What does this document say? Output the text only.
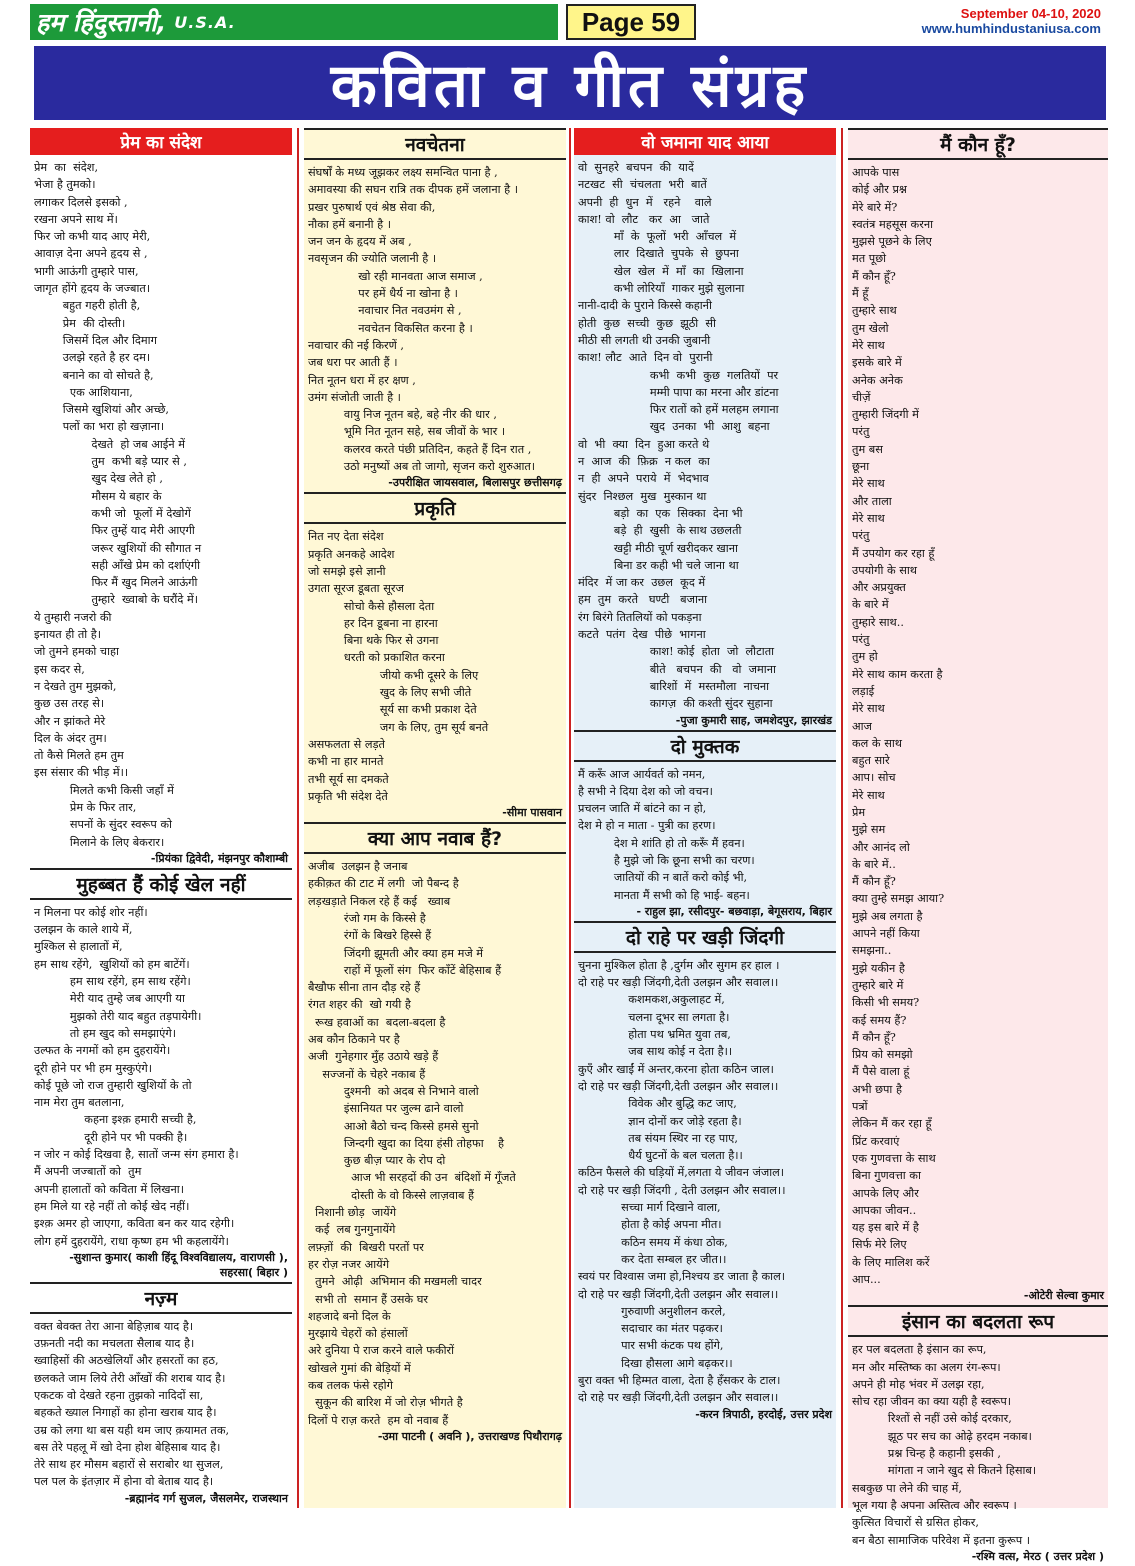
हम हिंदुस्तानी, U.S.A.	Page 59	September 04-10, 2020
www.humhindustaniusa.com
कविता व गीत संग्रह
प्रेम का संदेश
प्रेम  का  संदेश,
भेजा है तुमको।
लगाकर दिलसे इसको ,
रखना अपने साथ में।
फिर जो कभी याद आए मेरी,
आवाज़ देना अपने हृदय से ,
भागी आऊंगी तुम्हारे पास,
जागृत होंगे हृदय के जज्बात।
बहुत गहरी होती है,
प्रेम  की दोस्ती।
जिसमें दिल और दिमाग
उलझे रहते है हर दम।
बनाने का वो सोचते है,
एक आशियाना,
जिसमे खुशियां और अच्छे,
पलों का भरा हो खज़ाना।
देखते  हो जब आईने में
तुम  कभी बड़े प्यार से ,
खुद देख लेते हो ,
मौसम ये बहार के
कभी जो  फूलों में देखोगें
फिर तुम्हें याद मेरी आएगी
जरूर खुशियों की सौगात न
सही आँखे प्रेम को दर्शाएंगी
फिर मैं खुद मिलने आऊंगी
तुम्हारे  ख्वाबो के घरौंदे में।
ये तुम्हारी नजरो की
इनायत ही तो है।
जो तुमने हमको चाहा
इस कदर से,
न देखते तुम मुझको,
कुछ उस तरह से।
और न झांकते मेरे
दिल के अंदर तुम।
तो कैसे मिलते हम तुम
इस संसार की भीड़ में।।
मिलते कभी किसी जहाँ में
प्रेम के फिर तार,
सपनों के सुंदर स्वरूप को
मिलाने के लिए बेकरार।
-प्रियंका द्विवेदी, मंझनपुर कौशाम्बी
मुहब्बत हैं कोई खेल नहीं
न मिलना पर कोई शोर नहीं।
उलझन के काले शाये में,
मुश्किल से हालातों में,
हम साथ रहेंगे,  खुशियों को हम बाटेंगें।
हम साथ रहेंगे, हम साथ रहेंगे।
मेरी याद तुम्हे जब आएगी या
मुझको तेरी याद बहुत तड़पायेगी।
तो हम खुद को समझाएंगे।
उल्फत के नगमों को हम दुहरायेंगे।
दूरी होने पर भी हम मुस्कुएंगे।
कोई पूछे जो राज तुम्हारी खुशियों के तो
नाम मेरा तुम बतलाना,
कहना इश्क़ हमारी सच्ची है,
दूरी होने पर भी पक्की है।
न जोर न कोई दिखवा है, सातों जन्म संग हमारा है।
मैं अपनी जज्बातों को  तुम
अपनी हालातों को कविता में लिखना।
हम मिले या रहे नहीं तो कोई खेद नहीं।
इश्क़ अमर हो जाएगा, कविता बन कर याद रहेगी।
लोग हमें दुहरायेंगे, राधा कृष्ण हम भी कहलायेंगे।
-सुशान्त कुमार( काशी हिंदू विश्वविद्यालय, वाराणसी ), सहरसा( बिहार )
नज़्म
वक्त बेवक्त तेरा आना बेहिज़ाब याद है।
उफ़नती नदी का मचलता सैलाब याद है।
ख्वाहिसों की अठखेलियाँ और हसरतों का हठ,
छलकते जाम लिये तेरी आँखों की शराब याद है।
एकटक वो देखते रहना तुझको नादिदों सा,
बहकते ख्याल निगाहों का होना खराब याद है।
उम्र को लगा था बस यही थम जाए क़यामत तक,
बस तेरे पहलू में खो देना होश बेहिसाब याद है।
तेरे साथ हर मौसम बहारों से सराबोर था सुजल,
पल पल के इंतज़ार में होना वो बेताब याद है।
-ब्रह्मानंद गर्ग सुजल, जैसलमेर, राजस्थान
नवचेतना
संघर्षों के मध्य जूझकर लक्ष्य समन्वित पाना है ,
अमावस्या की सघन रात्रि तक दीपक हमें जलाना है ।
प्रखर पुरुषार्थ एवं श्रेष्ठ सेवा की,
नौका हमें बनानी है ।
जन जन के हृदय में अब ,
नवसृजन की ज्योति जलानी है ।
खो रही मानवता आज समाज ,
पर हमें धैर्य ना खोना है ।
नवाचार नित नवउमंग से ,
नवचेतन विकसित करना है ।
नवाचार की नई किरणें ,
जब धरा पर आती हैं ।
नित नूतन धरा में हर क्षण ,
उमंग संजोती जाती है ।
वायु निज नूतन बहे, बहे नीर की धार ,
भूमि नित नूतन सहे, सब जीवों के भार ।
कलरव करते पंछी प्रतिदिन, कहते हैं दिन रात ,
उठो मनुष्यों अब तो जागो, सृजन करो शुरुआत।
-उपरीक्षित जायसवाल, बिलासपुर छत्तीसगढ़
प्रकृति
नित नए देता संदेश
प्रकृति अनकहे आदेश
जो समझे इसे ज्ञानी
उगता सूरज डूबता सूरज
सोचो कैसे हौसला देता
हर दिन डूबना ना हारना
बिना थके फिर से उगना
धरती को प्रकाशित करना
जीयो कभी दूसरे के लिए
खुद के लिए सभी जीते
सूर्य सा कभी प्रकाश देते
जग के लिए, तुम सूर्य बनते
असफलता से लड़ते
कभी ना हार मानते
तभी सूर्य सा दमकते
प्रकृति भी संदेश देते
-सीमा पासवान
क्या आप नवाब हैं?
अजीब  उलझन है जनाब
हकीक़त की टाट में लगी  जो पैबन्द है
लड़खड़ाते निकल रहे हैं कई   ख्वाब
रंजो गम के किस्से है
रंगों के बिखरे हिस्से हैं
जिंदगी झूमती और क्या हम मजे में
राहों में फूलों संग  फिर काँटें बेहिसाब हैं
बैखौफ सीना तान दौड़ रहे हैं
रंगत शहर की  खो गयी है
रूख हवाओं का  बदला-बदला है
अब कौन ठिकाने पर है
अजी  गुनेहगार मुँह उठाये खड़े हैं
सज्जनों के चेहरे नकाब हैं
दुश्मनी  को अदब से निभाने वालो
इंसानियत पर जुल्म ढाने वालो
आओ बैठो चन्द किस्से हमसे सुनो
जिन्दगी खुदा का दिया हंसी तोहफा    है
कुछ बीज़ प्यार के रोप दो
आज भी सरहदों की उन  बंदिशों में गूँजते
दोस्ती के वो किस्से लाज़वाब हैं
निशानी छोड़  जायेंगे
कई  लब गुनगुनायेंगे
लफ़्ज़ों  की  बिखरी परतों पर
हर रोज़ नजर आयेंगे
तुमने  ओढ़ी  अभिमान की मखमली चादर
सभी तो  समान हैं उसके घर
शहजादे बनो दिल के
मुरझाये चेहरों को हंसालों
अरे दुनिया पे राज करने वाले फकीरों
खोखले गुमां की बेड़ियों में
कब तलक फंसे रहोगे
सुकून की बारिश में जो रोज़ भीगते है
दिलों पे राज़ करते  हम वो नवाब हैं
-उमा पाटनी ( अवनि ), उत्तराखण्ड पिथौरागढ़
वो जमाना याद आया
वो  सुनहरे  बचपन  की  यादें
नटखट  सी  चंचलता  भरी  बातें
अपनी  ही  धुन  में   रहने    वाले
काश! वो  लौट   कर  आ   जाते
माँ  के  फूलों  भरी  आँचल  में
लार  दिखाते  चुपके  से  छुपना
खेल  खेल  में  माँ  का  खिलाना
कभी लोरियाँ  गाकर मुझे सुलाना
नानी-दादी के पुराने किस्से कहानी
होती  कुछ  सच्ची  कुछ  झूठी  सी
मीठी सी लगती थी उनकी जुबानी
काश! लौट  आते  दिन वो  पुरानी
कभी  कभी  कुछ  गलतियों  पर
मम्मी पापा का मरना और डांटना
फिर रातों को हमें मलहम लगाना
खुद  उनका  भी  आशु  बहना
वो  भी  क्या  दिन  हुआ करते थे
न  आज  की  फ़िक्र  न कल  का
न  ही  अपने  पराये  में  भेदभाव
सुंदर  निश्छल  मुख  मुस्कान था
बड़ो  का  एक  सिक्का  देना भी
बड़े  ही  खुसी  के साथ उछलती
खट्टी मीठी चूर्ण खरीदकर खाना
बिना डर कही भी चले जाना था
मंदिर  में जा कर  उछल  कूद में
हम  तुम  करते   घण्टी   बजाना
रंग बिरंगे तितलियों को पकड़ना
कटते  पतंग  देख  पीछे  भागना
काश! कोई  होता  जो  लौटाता
बीते   बचपन  की   वो  जमाना
बारिशों  में  मस्तमौला  नाचना
कागज़  की कश्ती सुंदर सुहाना
-पुजा कुमारी साह, जमशेदपुर, झारखंड
दो मुक्तक
मैं करूँ आज आर्यवर्त को नमन,
है सभी ने दिया देश को जो वचन।
प्रचलन जाति में बांटने का न हो,
देश मे हो न माता - पुत्री का हरण।
देश मे शांति हो तो करूँ मैं हवन।
है मुझे जो कि छूना सभी का चरण।
जातियों की न बातें करो कोई भी,
मानता मैं सभी को हि भाई- बहन।
- राहुल झा, रसीदपुर- बछवाड़ा, बेगूसराय, बिहार
दो राहे पर खड़ी जिंदगी
चुनना मुश्किल होता है ,दुर्गम और सुगम हर हाल ।
दो राहे पर खड़ी जिंदगी,देती उलझन और सवाल।।
कशमकश,अकुलाहट में,
चलना दूभर सा लगता है।
होता पथ भ्रमित युवा तब,
जब साथ कोई न देता है।।
कुएँ और खाईं में अन्तर,करना होता कठिन जाल।
दो राहे पर खड़ी जिंदगी,देती उलझन और सवाल।।
विवेक और बुद्धि कट जाए,
ज्ञान दोनों कर जोड़े रहता है।
तब संयम स्थिर ना रह पाए,
धैर्य घुटनों के बल चलता है।।
कठिन फैसले की घड़ियों में,लगता ये जीवन जंजाल।
दो राहे पर खड़ी जिंदगी , देती उलझन और सवाल।।
सच्चा मार्ग दिखाने वाला,
होता है कोई अपना मीत।
कठिन समय में कंधा ठोक,
कर देता सम्बल हर जीत।।
स्वयं पर विश्वास जमा हो,निश्चय डर जाता है काल।
दो राहे पर खड़ी जिंदगी,देती उलझन और सवाल।।
गुरुवाणी अनुशीलन करले,
सदाचार का मंतर पढ़कर।
पार सभी कंटक पथ होंगे,
दिखा हौसला आगे बढ़कर।।
बुरा वक्त भी हिम्मत वाला, देता है हँसकर के टाल।
दो राहे पर खड़ी जिंदगी,देती उलझन और सवाल।।
-करन त्रिपाठी, हरदोई, उत्तर प्रदेश
मैं कौन हूँ?
आपके पास
कोई और प्रश्न
मेरे बारे में?
स्वतंत्र महसूस करना
मुझसे पूछने के लिए
मत पूछो
मैं कौन हूँ?
मैं हूँ
तुम्हारे साथ
तुम खेलो
मेरे साथ
इसके बारे में
अनेक अनेक
चीज़ें
तुम्हारी जिंदगी में
परंतु
तुम बस
छूना
मेरे साथ
और ताला
मेरे साथ
परंतु
मैं उपयोग कर रहा हूँ
उपयोगी के साथ
और अप्रयुक्त
के बारे में
तुम्हारे साथ..
परंतु
तुम हो
मेरे साथ काम करता है
लड़ाई
मेरे साथ
आज
कल के साथ
बहुत सारे
आप। सोच
मेरे साथ
प्रेम
मुझे सम
और आनंद लो
के बारे में..
मैं कौन हूँ?
क्या तुम्हे समझ आया?
मुझे अब लगता है
आपने नहीं किया
समझना..
मुझे यकीन है
तुम्हारे बारे में
किसी भी समय?
कई समय हैं?
मैं कौन हूँ?
प्रिय को समझो
मैं पैसे वाला हूं
अभी छपा है
पत्रों
लेकिन मैं कर रहा हूँ
प्रिंट करवाएं
एक गुणवत्ता के साथ
बिना गुणवत्ता का
आपके लिए और
आपका जीवन..
यह इस बारे में है
सिर्फ मेरे लिए
के लिए मालिश करें
आप...
-ओटेरी सेल्वा कुमार
इंसान का बदलता रूप
हर पल बदलता है इंसान का रूप,
मन और मस्तिष्क का अलग रंग-रूप।
अपने ही मोह भंवर में उलझ रहा,
सोच रहा जीवन का क्या यही है स्वरूप।
रिश्तों से नहीं उसे कोई दरकार,
झूठ पर सच का ओढ़े हरदम नकाब।
प्रश्न चिन्ह है कहानी इसकी ,
मांगता न जाने खुद से कितने हिसाब।
सबकुछ पा लेने की चाह में,
भूल गया है अपना अस्तित्व और स्वरूप ।
कुत्सित विचारों से ग्रसित होकर,
बन बैठा सामाजिक परिवेश में इतना कुरूप ।
-रश्मि वत्स, मेरठ ( उत्तर प्रदेश )
